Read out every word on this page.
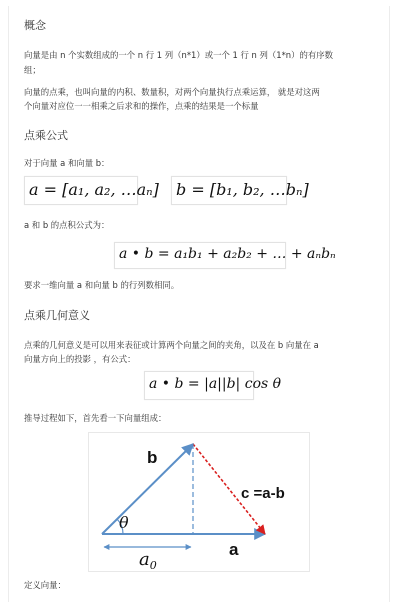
概念

向量是由 n 个实数组成的一个 n 行 1 列（n*1）或一个 1 行 n 列（1*n）的有序数

组；

向量的点乘，也叫向量的内积、数量积，对两个向量执行点乘运算， 就是对这两

个向量对应位一一相乘之后求和的操作，点乘的结果是一个标量

点乘公式

对于向量 a 和向量 b：

a = [a₁, a₂, …aₙ] b = [b₁, b₂, …bₙ]

a 和 b 的点积公式为：

a • b = a₁b₁ + a₂b₂ + … + aₙbₙ

要求一维向量 a 和向量 b 的行列数相同。

点乘几何意义

点乘的几何意义是可以用来表征或计算两个向量之间的夹角，以及在 b 向量在 a

向量方向上的投影 ，有公式：

a • b = |a||b| cos θ

推导过程如下，首先看一下向量组成：

b
c =a-b
θ
$a_0$
a

定义向量：
